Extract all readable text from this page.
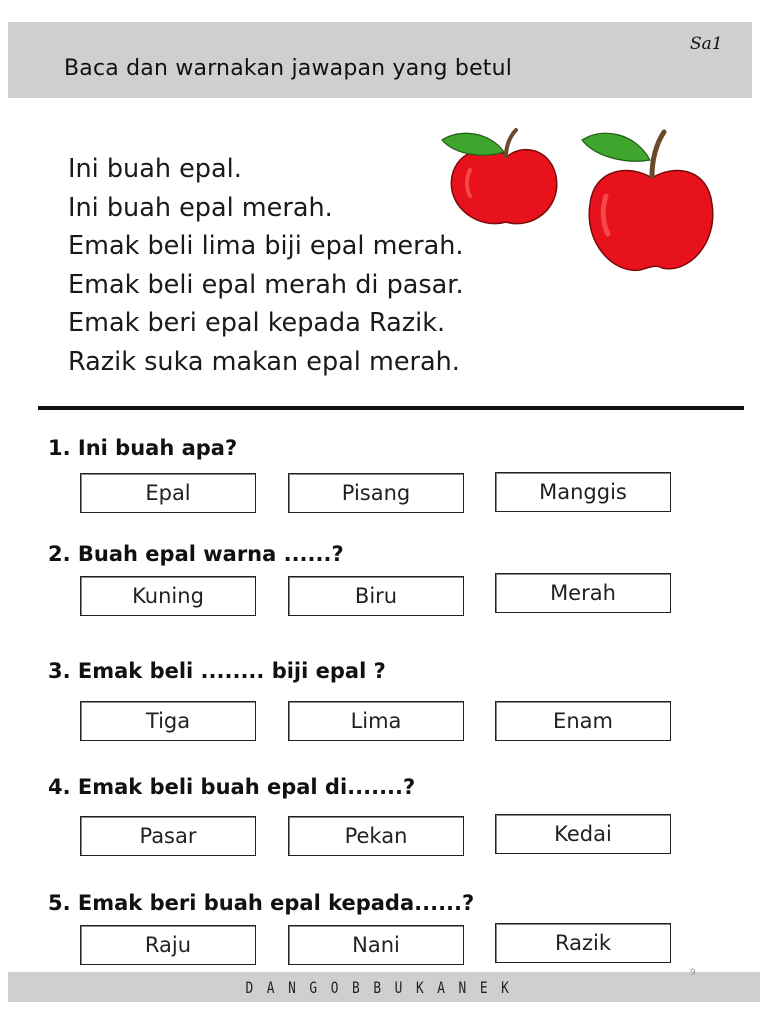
Baca dan warnakan jawapan yang betul
Sa1
Ini buah epal.
Ini buah epal merah.
Emak beli lima biji epal merah.
Emak beli epal merah di pasar.
Emak beri epal kepada Razik.
Razik suka makan epal merah.
1. Ini buah apa?
Epal	Pisang	Manggis
2. Buah epal warna ......?
Kuning	Biru	Merah
3. Emak beli ........ biji epal ?
Tiga	Lima	Enam
4. Emak beli buah epal di.......?
Pasar	Pekan	Kedai
5. Emak beri buah epal kepada......?
Raju	Nani	Razik
DANGOBBUKANEK
9
